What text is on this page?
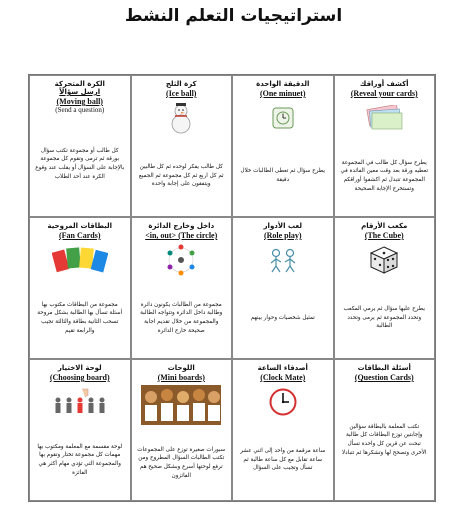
استراتيجيات التعلم النشط
الكرة المتحركة
ارسل سؤالاً
(Moving ball)
(Send a question)
كل طالب أو مجموعة تكتب سؤال بورقة ثم ترمى وتقوم كل مجموعة بالإجابة على السؤال أو يقلب عند وقوع الكرة عند أحد الطلاب
كرة الثلج
(Ice ball)
كل طالب يفكر لوحده ثم كل طالبين ثم كل اربع ثم كل مجموعة ثم الجميع ويتفقون على إجابة واحدة
الدقيقة الواحدة
(One minuet)
يطرح سؤال ثم تعطى الطالبات خلال دقيقة
أكشف أوراقك
(Reveal your cards)
يطرح سؤال كل طالب في المجموعة تعطيه ورقة بعد وقت معين الفائدة في المجموعة تتبدل ثم اكشفوا أوراقكم وتستخرج الإجابة الصحيحة
البطاقات المروحية
(Fan Cards)
مجموعة من البطاقات مكتوب بها أسئلة تسأل بها الطالبة بشكل مروحة تسحب الثانية بطاقة والثالثة تجيب والرابعة تقيم
داخل وخارج الدائرة
<in, out> (The circle)
مجموعة من الطالبات يكونون دائرة وطالبة داخل الدائرة وتتواجه الطالبة والمجموعة من خلال تقديم اجابة صحيحة خارج الدائرة
لعب الأدوار
(Role play)
تمثيل شخصيات وحوار بينهم
مكعب الأرقام
(The Cube)
يطرح عليها سؤال ثم يرمي المكعب وتحدد المجموعة ثم يرمى وتحدد الطالبة
لوحة الاختيار
(Choosing board)
لوحة مقسمة مع المعلمة ومكتوب بها مهمات كل مجموعة تختار وتقوم بها والمجموعة التي تؤدي مهام أكثر هي الفائزة
اللوحات
(Mini boards)
سبورات صغيرة توزع على المجموعات تكتب الطالبات السؤال المطروح ومن ترفع لوحتها أسرع وبشكل صحيح هم الفائزون
أصدقاء الساعة
(Clock Mate)
ساعة مرقمة من واحد إلى اثني عشر ساعة تقابل مع كل ساعة طالبة ثم تسأل وتجيب على السؤال
أسئلة البطاقات
(Question Cards)
تكتب المعلمة بالبطاقة سؤالين وإجابتين توزع البطاقات كل طالبة تبحث عن قرين كل واحدة تسأل الأخرى وتصحح لها وتشكرها ثم تتبادلا
